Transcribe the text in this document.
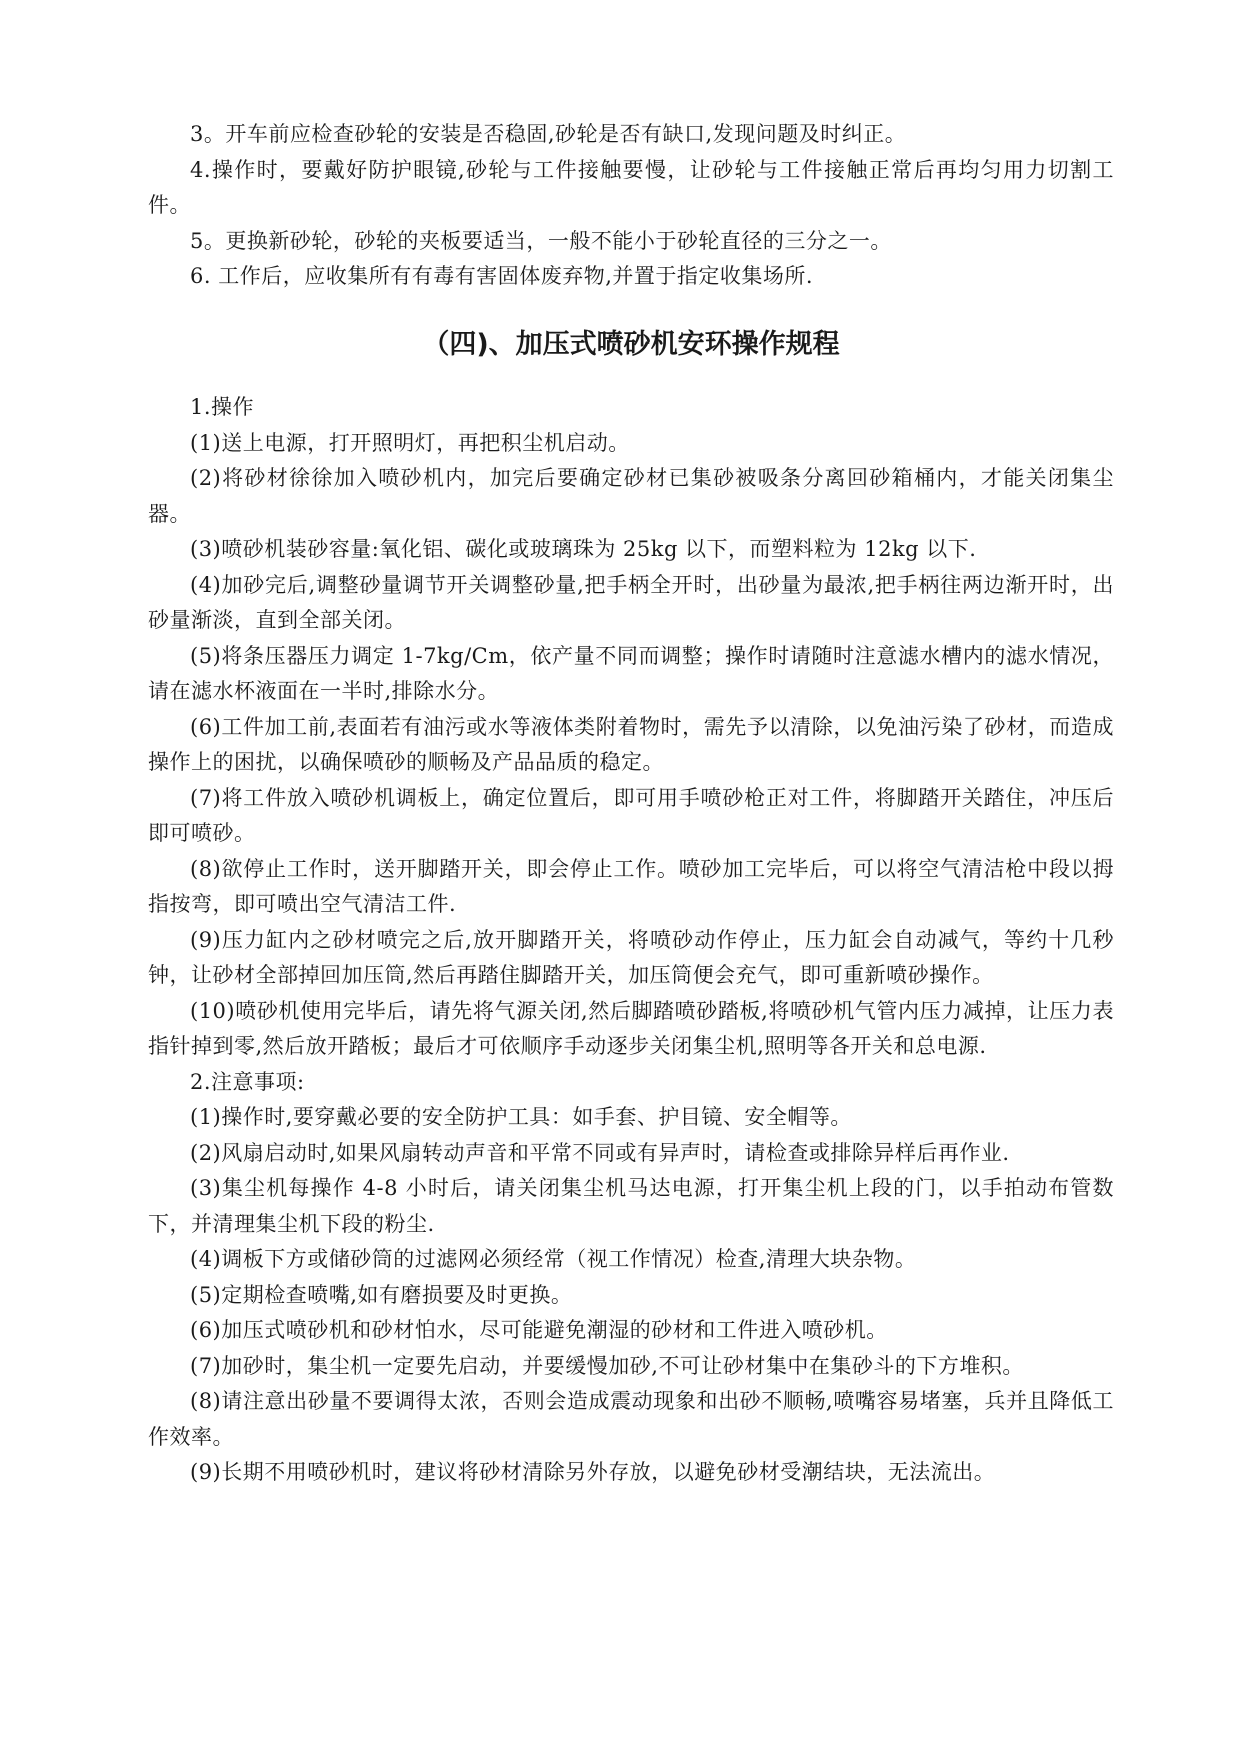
3。开车前应检查砂轮的安装是否稳固,砂轮是否有缺口,发现问题及时纠正。

4.操作时，要戴好防护眼镜,砂轮与工件接触要慢，让砂轮与工件接触正常后再均匀用力切割工件。

5。更换新砂轮，砂轮的夹板要适当，一般不能小于砂轮直径的三分之一。

6. 工作后，应收集所有有毒有害固体废弃物,并置于指定收集场所.

（四)、加压式喷砂机安环操作规程

1.操作

(1)送上电源，打开照明灯，再把积尘机启动。

(2)将砂材徐徐加入喷砂机内，加完后要确定砂材已集砂被吸条分离回砂箱桶内，才能关闭集尘器。

(3)喷砂机装砂容量:氧化铝、碳化或玻璃珠为 25kg 以下，而塑料粒为 12kg 以下.

(4)加砂完后,调整砂量调节开关调整砂量,把手柄全开时，出砂量为最浓,把手柄往两边渐开时，出砂量渐淡，直到全部关闭。

(5)将条压器压力调定 1-7kg/Cm，依产量不同而调整；操作时请随时注意滤水槽内的滤水情况，请在滤水杯液面在一半时,排除水分。

(6)工件加工前,表面若有油污或水等液体类附着物时，需先予以清除，以免油污染了砂材，而造成操作上的困扰，以确保喷砂的顺畅及产品品质的稳定。

(7)将工件放入喷砂机调板上，确定位置后，即可用手喷砂枪正对工件，将脚踏开关踏住，冲压后即可喷砂。

(8)欲停止工作时，送开脚踏开关，即会停止工作。喷砂加工完毕后，可以将空气清洁枪中段以拇指按弯，即可喷出空气清洁工件.

(9)压力缸内之砂材喷完之后,放开脚踏开关，将喷砂动作停止，压力缸会自动减气，等约十几秒钟，让砂材全部掉回加压筒,然后再踏住脚踏开关，加压筒便会充气，即可重新喷砂操作。

(10)喷砂机使用完毕后，请先将气源关闭,然后脚踏喷砂踏板,将喷砂机气管内压力减掉，让压力表指针掉到零,然后放开踏板；最后才可依顺序手动逐步关闭集尘机,照明等各开关和总电源.

2.注意事项:

(1)操作时,要穿戴必要的安全防护工具：如手套、护目镜、安全帽等。

(2)风扇启动时,如果风扇转动声音和平常不同或有异声时，请检查或排除异样后再作业.

(3)集尘机每操作 4-8 小时后，请关闭集尘机马达电源，打开集尘机上段的门，以手拍动布管数下，并清理集尘机下段的粉尘.

(4)调板下方或储砂筒的过滤网必须经常（视工作情况）检查,清理大块杂物。

(5)定期检查喷嘴,如有磨损要及时更换。

(6)加压式喷砂机和砂材怕水，尽可能避免潮湿的砂材和工件进入喷砂机。

(7)加砂时，集尘机一定要先启动，并要缓慢加砂,不可让砂材集中在集砂斗的下方堆积。

(8)请注意出砂量不要调得太浓，否则会造成震动现象和出砂不顺畅,喷嘴容易堵塞，兵并且降低工作效率。

(9)长期不用喷砂机时，建议将砂材清除另外存放，以避免砂材受潮结块，无法流出。
